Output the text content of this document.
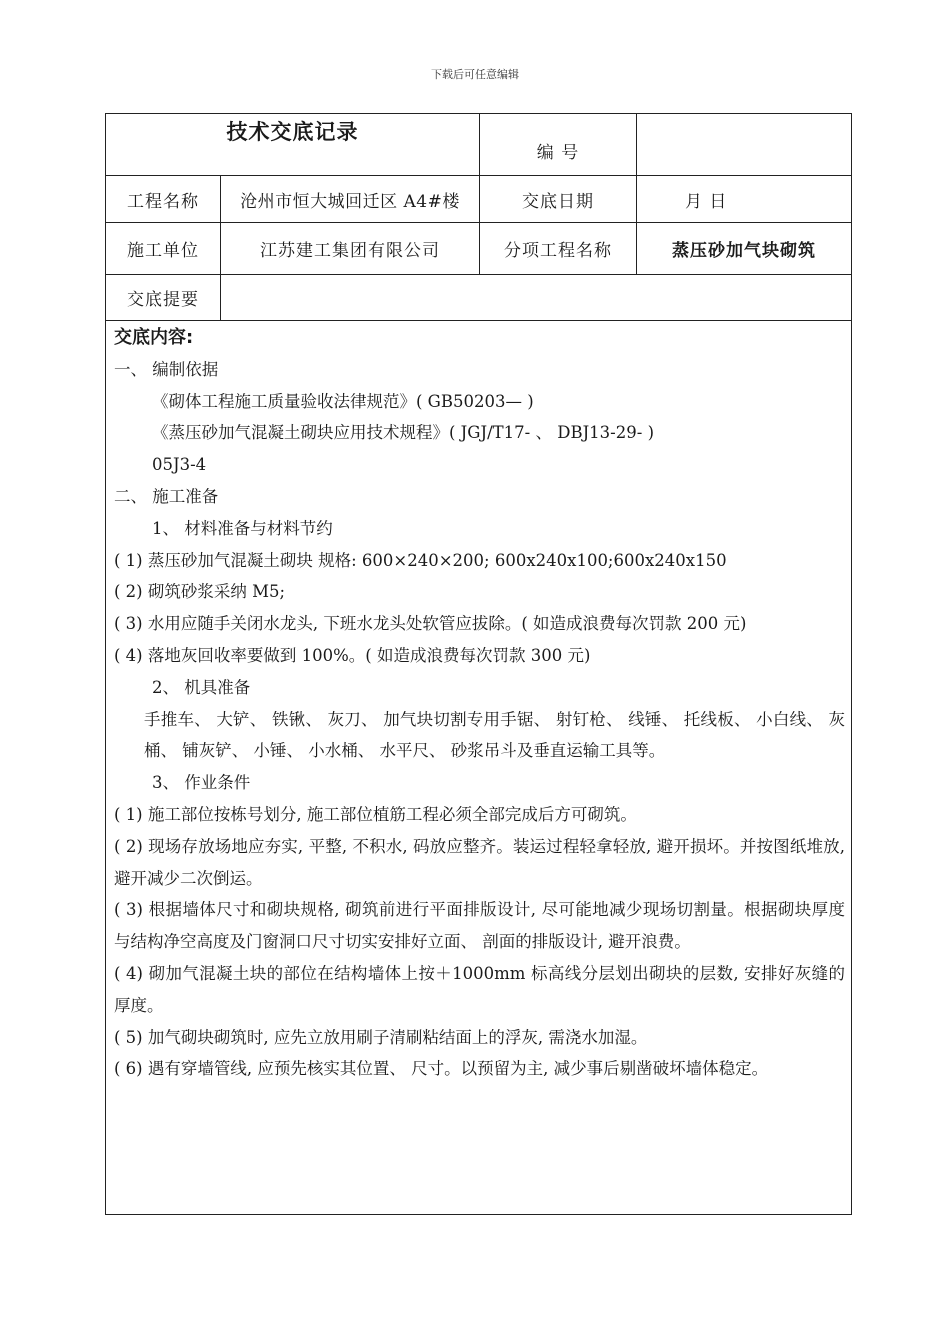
下载后可任意编辑
技术交底记录
编 号
工程名称	沧州市恒大城回迁区 A4#楼	交底日期	月 日
施工单位	江苏建工集团有限公司	分项工程名称	蒸压砂加气块砌筑
交底提要

交底内容:

一、 编制依据

《砌体工程施工质量验收法律规范》( GB50203— )

《蒸压砂加气混凝土砌块应用技术规程》( JGJ/T17- 、 DBJ13-29- )

05J3-4

二、 施工准备

1、 材料准备与材料节约

( 1) 蒸压砂加气混凝土砌块 规格: 600×240×200; 600x240x100;600x240x150

( 2) 砌筑砂浆采纳 M5;

( 3) 水用应随手关闭水龙头, 下班水龙头处软管应拔除。( 如造成浪费每次罚款 200 元)

( 4) 落地灰回收率要做到 100%。( 如造成浪费每次罚款 300 元)

2、 机具准备

手推车、 大铲、 铁锹、 灰刀、 加气块切割专用手锯、 射钉枪、 线锤、 托线板、 小白线、 灰桶、 铺灰铲、 小锤、 小水桶、 水平尺、 砂浆吊斗及垂直运输工具等。

3、 作业条件

( 1) 施工部位按栋号划分, 施工部位植筋工程必须全部完成后方可砌筑。

( 2) 现场存放场地应夯实, 平整, 不积水, 码放应整齐。装运过程轻拿轻放, 避开损坏。并按图纸堆放, 避开减少二次倒运。

( 3) 根据墙体尺寸和砌块规格, 砌筑前进行平面排版设计, 尽可能地减少现场切割量。根据砌块厚度与结构净空高度及门窗洞口尺寸切实安排好立面、 剖面的排版设计, 避开浪费。

( 4) 砌加气混凝土块的部位在结构墙体上按＋1000mm 标高线分层划出砌块的层数, 安排好灰缝的厚度。

( 5) 加气砌块砌筑时, 应先立放用刷子清刷粘结面上的浮灰, 需浇水加湿。

( 6) 遇有穿墙管线, 应预先核实其位置、 尺寸。以预留为主, 减少事后剔凿破坏墙体稳定。
